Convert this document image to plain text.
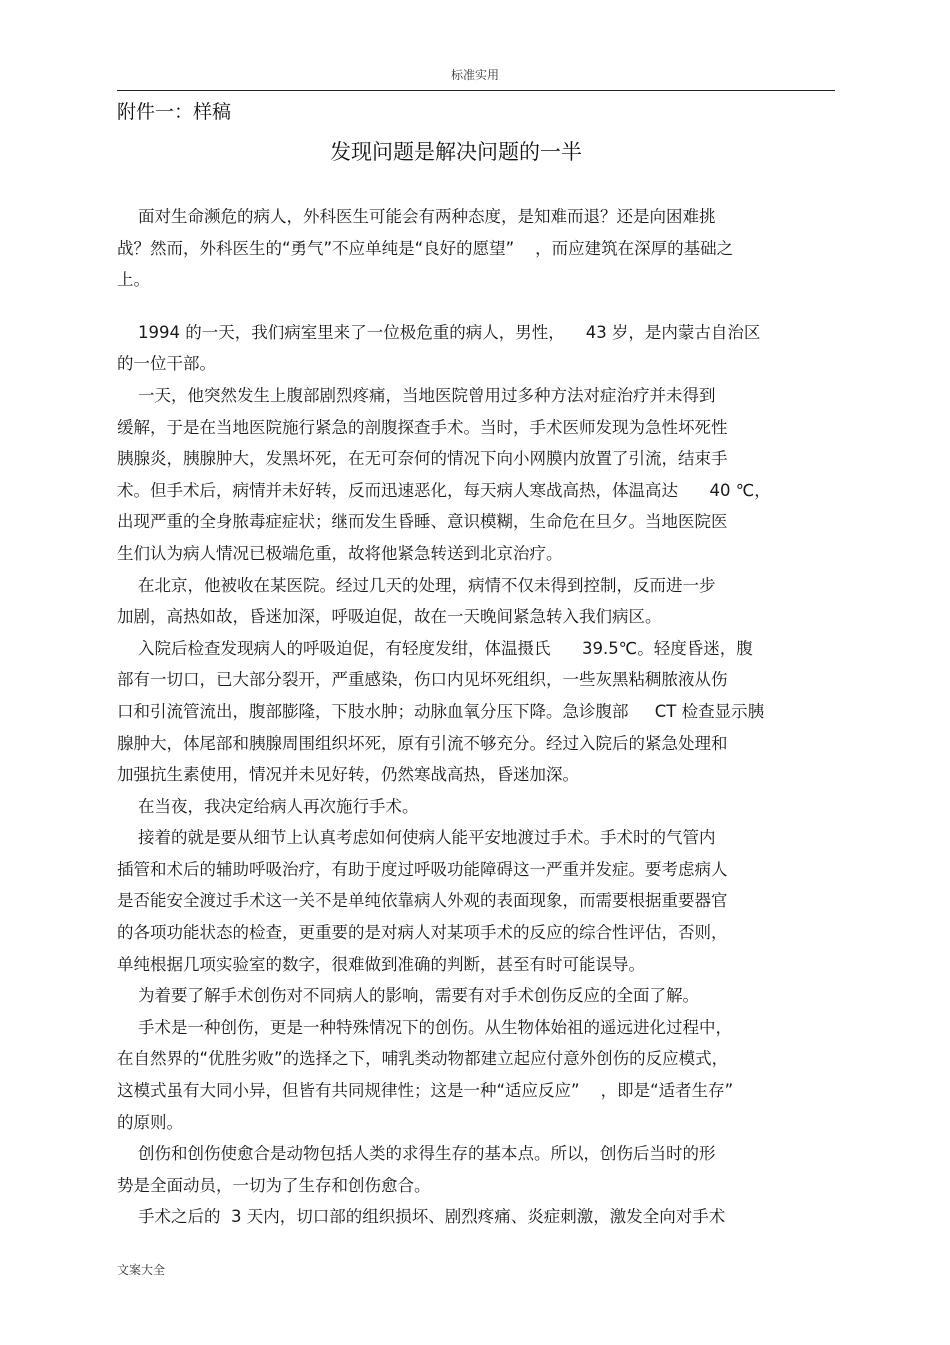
标准实用
附件一：样稿
发现问题是解决问题的一半
面对生命濒危的病人，外科医生可能会有两种态度，是知难而退？还是向困难挑
战？然而，外科医生的“勇气”不应单纯是“良好的愿望”    ，而应建筑在深厚的基础之
上。
1994 的一天，我们病室里来了一位极危重的病人，男性，    43 岁，是内蒙古自治区
的一位干部。
一天，他突然发生上腹部剧烈疼痛，当地医院曾用过多种方法对症治疗并未得到
缓解，于是在当地医院施行紧急的剖腹探查手术。当时，手术医师发现为急性坏死性
胰腺炎，胰腺肿大，发黑坏死，在无可奈何的情况下向小网膜内放置了引流，结束手
术。但手术后，病情并未好转，反而迅速恶化，每天病人寒战高热，体温高达      40 ℃，
出现严重的全身脓毒症症状；继而发生昏睡、意识模糊，生命危在旦夕。当地医院医
生们认为病人情况已极端危重，故将他紧急转送到北京治疗。
在北京，他被收在某医院。经过几天的处理，病情不仅未得到控制，反而进一步
加剧，高热如故，昏迷加深，呼吸迫促，故在一天晚间紧急转入我们病区。
入院后检查发现病人的呼吸迫促，有轻度发绀，体温摄氏      39.5℃。轻度昏迷，腹
部有一切口，已大部分裂开，严重感染，伤口内见坏死组织，一些灰黑粘稠脓液从伤
口和引流管流出，腹部膨隆，下肢水肿；动脉血氧分压下降。急诊腹部     CT 检查显示胰
腺肿大，体尾部和胰腺周围组织坏死，原有引流不够充分。经过入院后的紧急处理和
加强抗生素使用，情况并未见好转，仍然寒战高热，昏迷加深。
在当夜，我决定给病人再次施行手术。
接着的就是要从细节上认真考虑如何使病人能平安地渡过手术。手术时的气管内
插管和术后的辅助呼吸治疗，有助于度过呼吸功能障碍这一严重并发症。要考虑病人
是否能安全渡过手术这一关不是单纯依靠病人外观的表面现象，而需要根据重要器官
的各项功能状态的检查，更重要的是对病人对某项手术的反应的综合性评估，否则，
单纯根据几项实验室的数字，很难做到准确的判断，甚至有时可能误导。
为着要了解手术创伤对不同病人的影响，需要有对手术创伤反应的全面了解。
手术是一种创伤，更是一种特殊情况下的创伤。从生物体始祖的遥远进化过程中，
在自然界的“优胜劣败”的选择之下，哺乳类动物都建立起应付意外创伤的反应模式，
这模式虽有大同小异，但皆有共同规律性；这是一种“适应反应”    ，即是“适者生存”
的原则。
创伤和创伤使愈合是动物包括人类的求得生存的基本点。所以，创伤后当时的形
势是全面动员，一切为了生存和创伤愈合。
手术之后的  3 天内，切口部的组织损坏、剧烈疼痛、炎症刺激，激发全向对手术
文案大全
